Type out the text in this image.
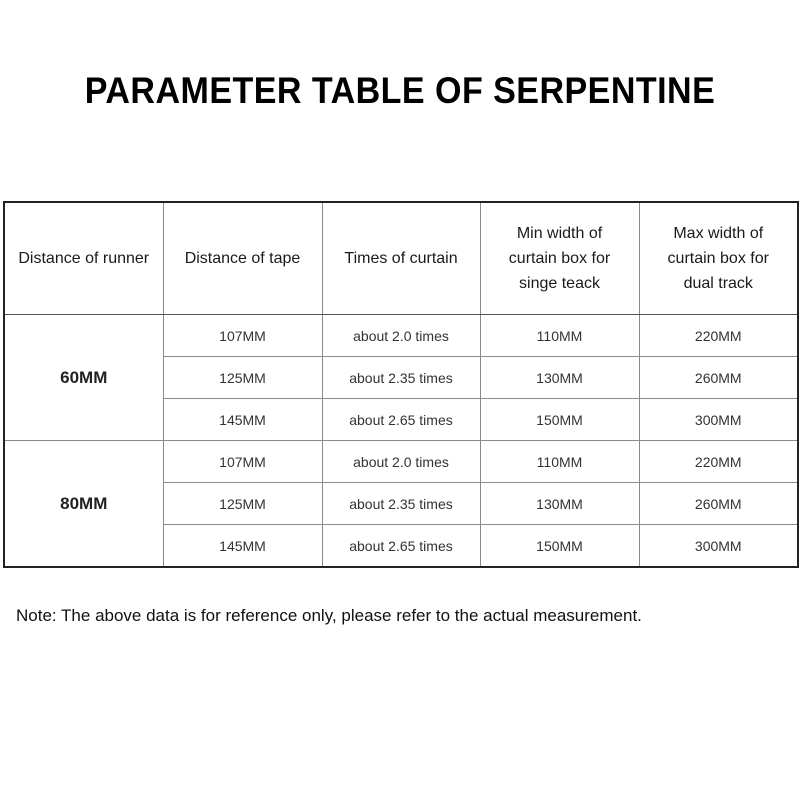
PARAMETER TABLE OF SERPENTINE
Distance of runner	Distance of tape	Times of curtain	Min width of curtain box for singe teack	Max width of curtain box for dual track

60MM	107MM	about 2.0 times	110MM	220MM
	125MM	about 2.35 times	130MM	260MM
	145MM	about 2.65 times	150MM	300MM
80MM	107MM	about 2.0 times	110MM	220MM
	125MM	about 2.35 times	130MM	260MM
	145MM	about 2.65 times	150MM	300MM
Note: The above data is for reference only, please refer to the actual measurement.
